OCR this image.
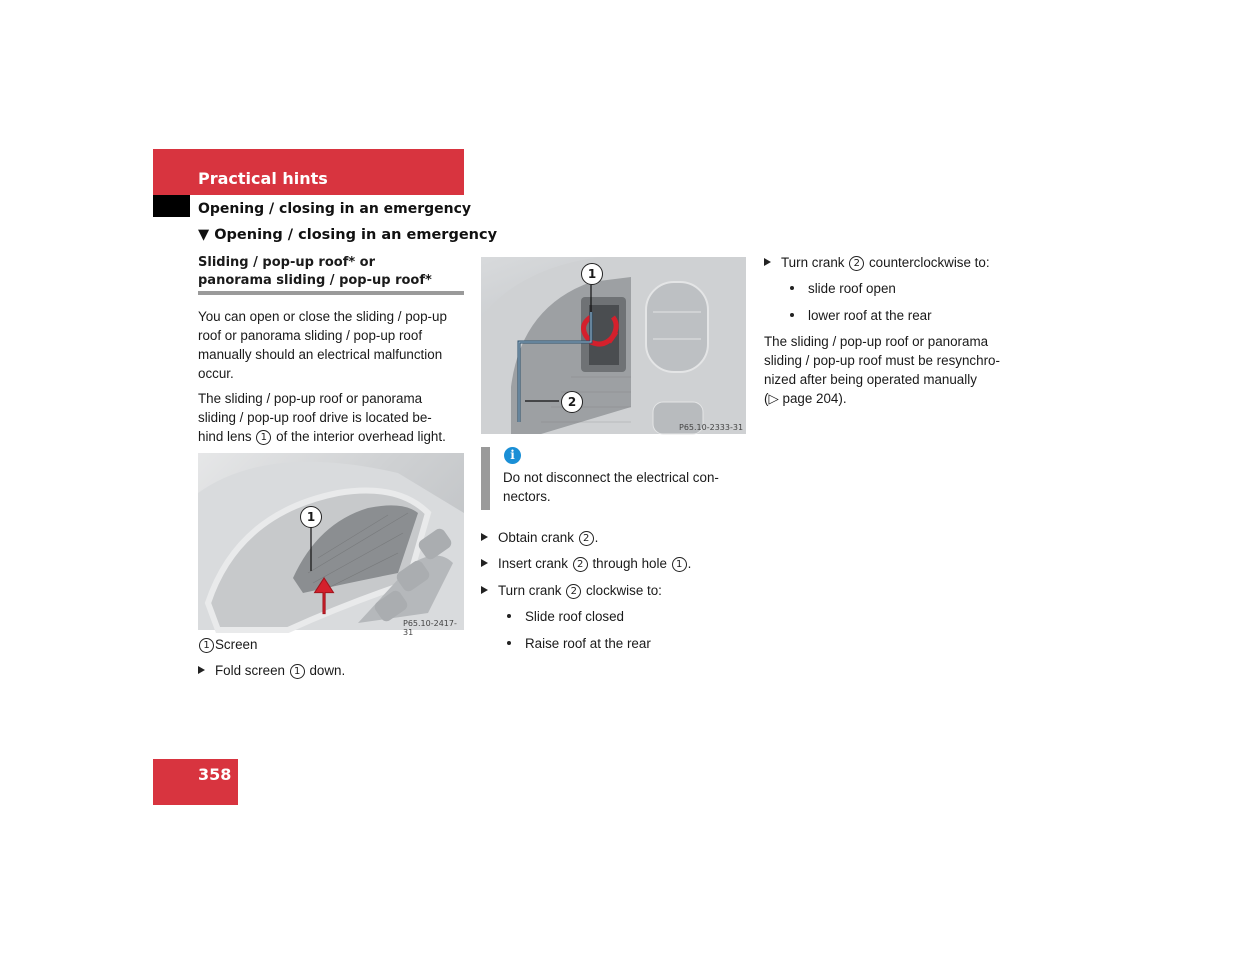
Practical hints
Opening / closing in an emergency
▼ Opening / closing in an emergency
Sliding / pop-up roof* or panorama sliding / pop-up roof*
You can open or close the sliding / pop-up
roof or panorama sliding / pop-up roof
manually should an electrical malfunction
occur.
The sliding / pop-up roof or panorama
sliding / pop-up roof drive is located be-
hind lens 1 of the interior overhead light.
1
P65.10-2417-31
1 Screen
Fold screen 1 down.
1
2
P65.10-2333-31
i
Do not disconnect the electrical con-
nectors.
Obtain crank 2 .
Insert crank 2 through hole 1 .
Turn crank 2 clockwise to:
Slide roof closed
Raise roof at the rear
Turn crank 2 counterclockwise to:
slide roof open
lower roof at the rear
The sliding / pop-up roof or panorama
sliding / pop-up roof must be resynchro-
nized after being operated manually
(▷ page 204).
358
